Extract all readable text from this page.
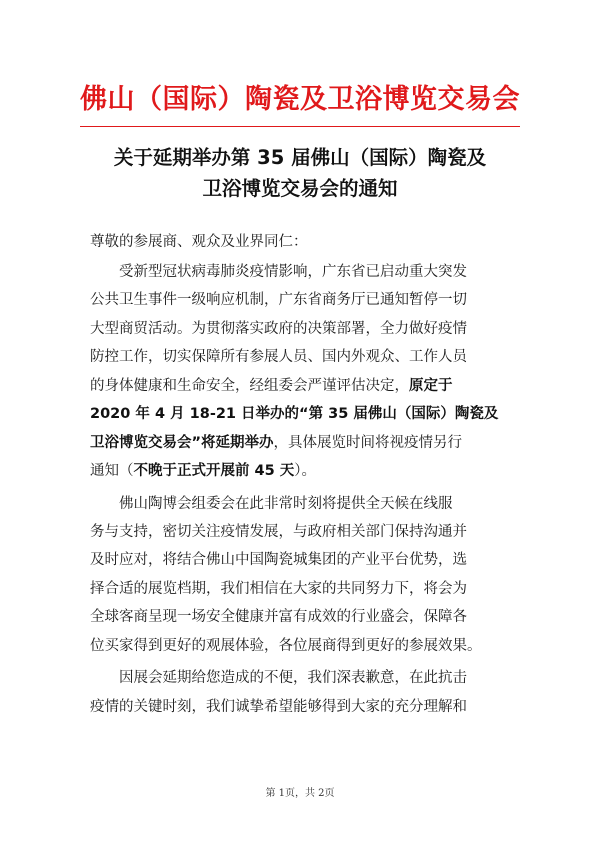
佛山（国际）陶瓷及卫浴博览交易会
关于延期举办第 35 届佛山（国际）陶瓷及
卫浴博览交易会的通知
尊敬的参展商、观众及业界同仁：
受新型冠状病毒肺炎疫情影响，广东省已启动重大突发
公共卫生事件一级响应机制，广东省商务厅已通知暂停一切
大型商贸活动。为贯彻落实政府的决策部署，全力做好疫情
防控工作，切实保障所有参展人员、国内外观众、工作人员
的身体健康和生命安全，经组委会严谨评估决定，原定于
2020 年 4 月 18-21 日举办的“第 35 届佛山（国际）陶瓷及
卫浴博览交易会”将延期举办，具体展览时间将视疫情另行
通知（不晚于正式开展前 45 天）。
佛山陶博会组委会在此非常时刻将提供全天候在线服
务与支持，密切关注疫情发展，与政府相关部门保持沟通并
及时应对，将结合佛山中国陶瓷城集团的产业平台优势，选
择合适的展览档期，我们相信在大家的共同努力下，将会为
全球客商呈现一场安全健康并富有成效的行业盛会，保障各
位买家得到更好的观展体验，各位展商得到更好的参展效果。
因展会延期给您造成的不便，我们深表歉意，在此抗击
疫情的关键时刻，我们诚挚希望能够得到大家的充分理解和
第 1页，共 2页
